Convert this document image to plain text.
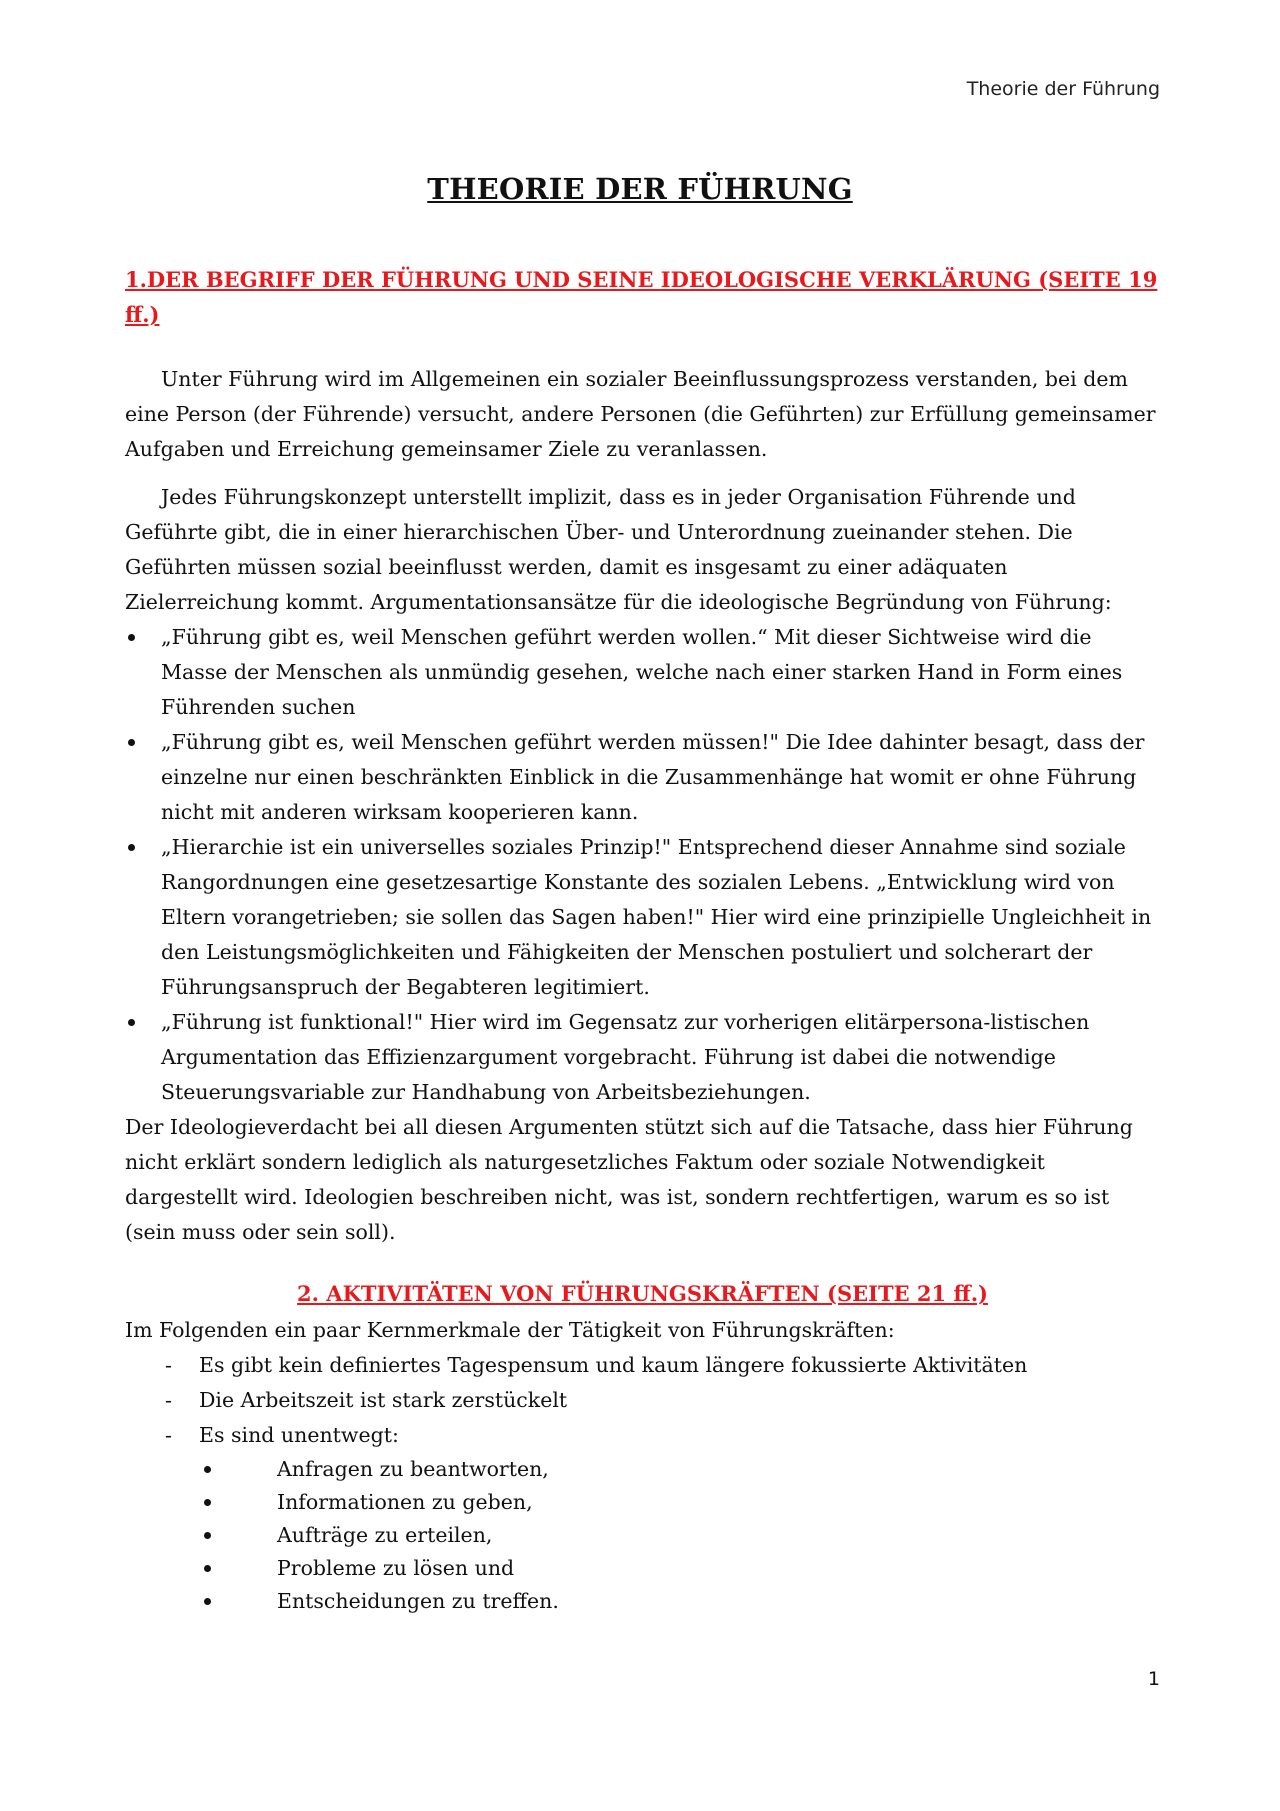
Theorie der Führung
THEORIE DER FÜHRUNG

1.DER BEGRIFF DER FÜHRUNG UND SEINE IDEOLOGISCHE VERKLÄRUNG (SEITE 19 ff.)

Unter Führung wird im Allgemeinen ein sozialer Beeinflussungsprozess verstanden, bei dem eine Person (der Führende) versucht, andere Personen (die Geführten) zur Erfüllung gemeinsamer Aufgaben und Erreichung gemeinsamer Ziele zu veranlassen.

Jedes Führungskonzept unterstellt implizit, dass es in jeder Organisation Führende und Geführte gibt, die in einer hierarchischen Über- und Unterordnung zueinander stehen. Die Geführten müssen sozial beeinflusst werden, damit es insgesamt zu einer adäquaten Zielerreichung kommt. Argumentationsansätze für die ideologische Begründung von Führung:

„Führung gibt es, weil Menschen geführt werden wollen.“ Mit dieser Sichtweise wird die Masse der Menschen als unmündig gesehen, welche nach einer starken Hand in Form eines Führenden suchen
„Führung gibt es, weil Menschen geführt werden müssen!" Die Idee dahinter besagt, dass der einzelne nur einen beschränkten Einblick in die Zusammenhänge hat womit er ohne Führung nicht mit anderen wirksam kooperieren kann.
„Hierarchie ist ein universelles soziales Prinzip!" Entsprechend dieser Annahme sind soziale Rangordnungen eine gesetzesartige Konstante des sozialen Lebens. „Entwicklung wird von Eltern vorangetrieben; sie sollen das Sagen haben!" Hier wird eine prinzipielle Ungleichheit in den Leistungsmöglichkeiten und Fähigkeiten der Menschen postuliert und solcherart der Führungsanspruch der Begabteren legitimiert.
„Führung ist funktional!" Hier wird im Gegensatz zur vorherigen elitärpersona-listischen Argumentation das Effizienzargument vorgebracht. Führung ist dabei die notwendige Steuerungsvariable zur Handhabung von Arbeitsbeziehungen.

Der Ideologieverdacht bei all diesen Argumenten stützt sich auf die Tatsache, dass hier Führung nicht erklärt sondern lediglich als naturgesetzliches Faktum oder soziale Notwendigkeit dargestellt wird. Ideologien beschreiben nicht, was ist, sondern rechtfertigen, warum es so ist (sein muss oder sein soll).

2. AKTIVITÄTEN VON FÜHRUNGSKRÄFTEN (SEITE 21 ff.)

Im Folgenden ein paar Kernmerkmale der Tätigkeit von Führungskräften:

- Es gibt kein definiertes Tagespensum und kaum längere fokussierte Aktivitäten
- Die Arbeitszeit ist stark zerstückelt
- Es sind unentwegt:
Anfragen zu beantworten,
Informationen zu geben,
Aufträge zu erteilen,
Probleme zu lösen und
Entscheidungen zu treffen.
1
